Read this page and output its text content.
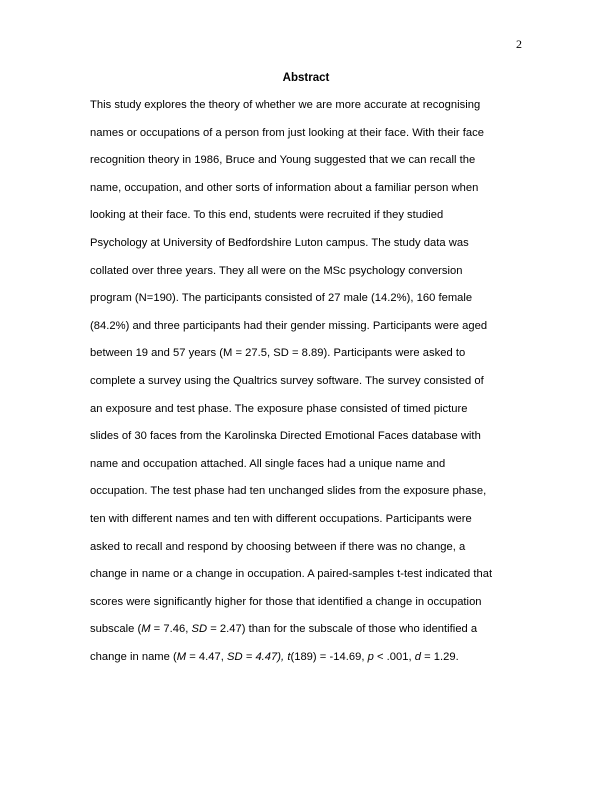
2
Abstract
This study explores the theory of whether we are more accurate at recognising
names or occupations of a person from just looking at their face. With their face
recognition theory in 1986, Bruce and Young suggested that we can recall the
name, occupation, and other sorts of information about a familiar person when
looking at their face. To this end, students were recruited if they studied
Psychology at University of Bedfordshire Luton campus. The study data was
collated over three years. They all were on the MSc psychology conversion
program (N=190). The participants consisted of 27 male (14.2%), 160 female
(84.2%) and three participants had their gender missing. Participants were aged
between 19 and 57 years (M = 27.5, SD = 8.89). Participants were asked to
complete a survey using the Qualtrics survey software. The survey consisted of
an exposure and test phase. The exposure phase consisted of timed picture
slides of 30 faces from the Karolinska Directed Emotional Faces database with
name and occupation attached. All single faces had a unique name and
occupation. The test phase had ten unchanged slides from the exposure phase,
ten with different names and ten with different occupations. Participants were
asked to recall and respond by choosing between if there was no change, a
change in name or a change in occupation. A paired-samples t-test indicated that
scores were significantly higher for those that identified a change in occupation
subscale (M = 7.46, SD = 2.47) than for the subscale of those who identified a
change in name (M = 4.47, SD = 4.47), t(189) = -14.69, p < .001, d = 1.29.
